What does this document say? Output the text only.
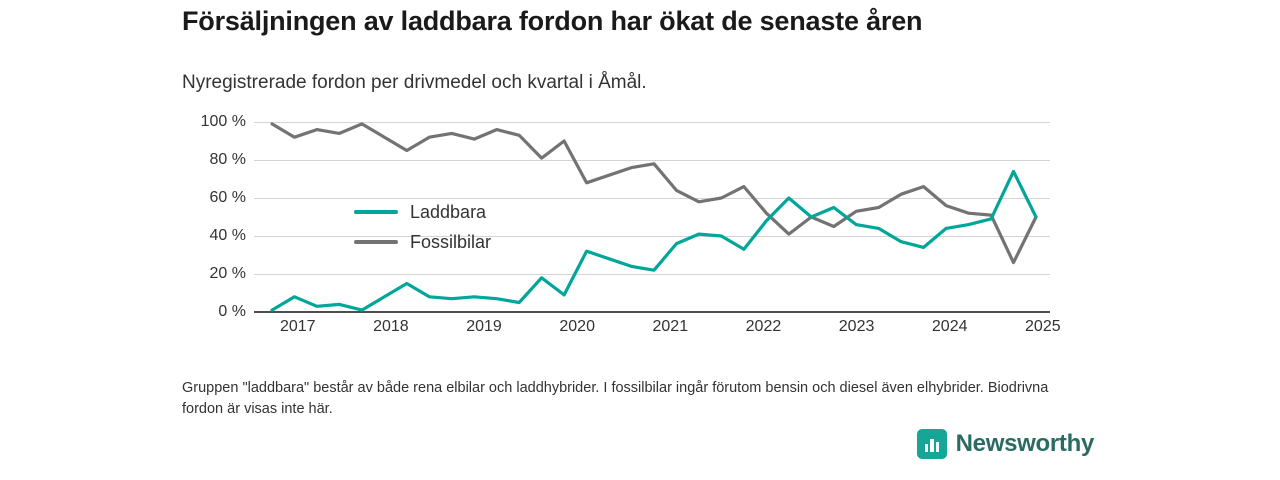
Försäljningen av laddbara fordon har ökat de senaste åren
Nyregistrerade fordon per drivmedel och kvartal i Åmål.
100 %
80 %
60 %
40 %
20 %
0 %
Laddbara
Fossilbilar
2017	2018	2019	2020	2021	2022	2023	2024	2025
Gruppen "laddbara" består av både rena elbilar och laddhybrider. I fossilbilar ingår förutom bensin och diesel även elhybrider. Biodrivna fordon är visas inte här.
Newsworthy
